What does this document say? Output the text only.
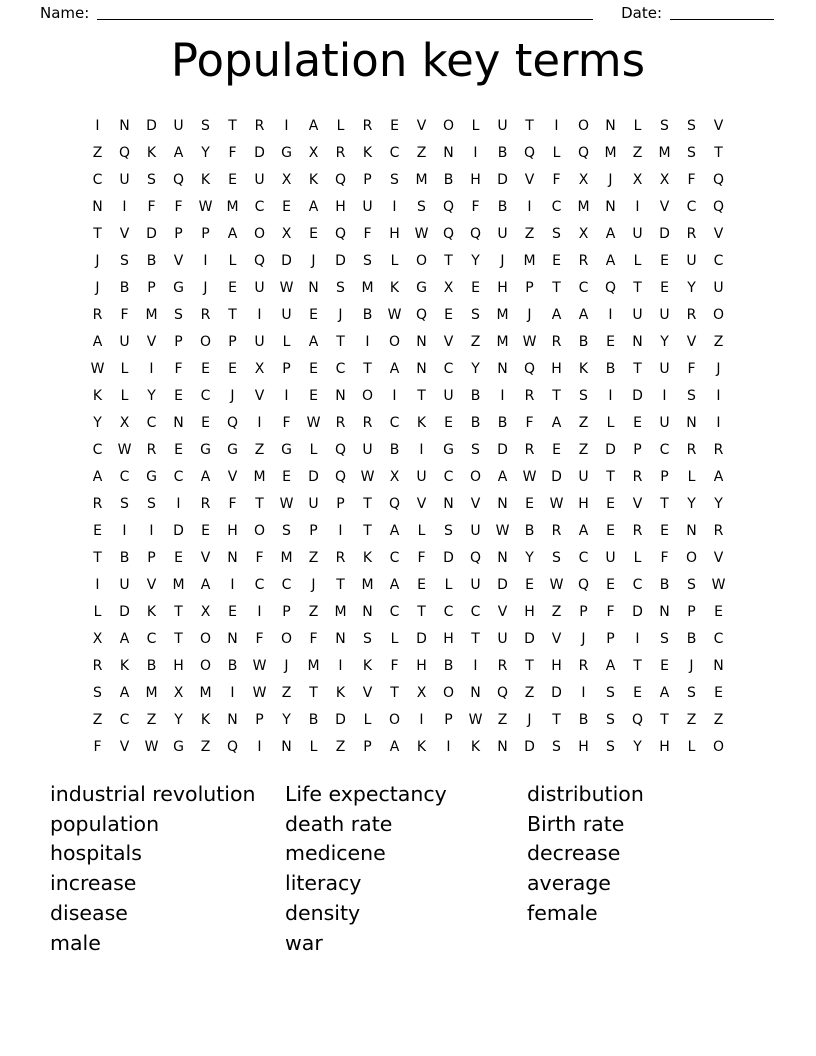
Name:	Date:
Population key terms
I	N	D	U	S	T	R	I	A	L	R	E	V	O	L	U	T	I	O	N	L	S	S	V
Z	Q	K	A	Y	F	D	G	X	R	K	C	Z	N	I	B	Q	L	Q	M	Z	M	S	T
C	U	S	Q	K	E	U	X	K	Q	P	S	M	B	H	D	V	F	X	J	X	X	F	Q
N	I	F	F	W	M	C	E	A	H	U	I	S	Q	F	B	I	C	M	N	I	V	C	Q
T	V	D	P	P	A	O	X	E	Q	F	H	W	Q	Q	U	Z	S	X	A	U	D	R	V
J	S	B	V	I	L	Q	D	J	D	S	L	O	T	Y	J	M	E	R	A	L	E	U	C
J	B	P	G	J	E	U	W	N	S	M	K	G	X	E	H	P	T	C	Q	T	E	Y	U
R	F	M	S	R	T	I	U	E	J	B	W	Q	E	S	M	J	A	A	I	U	U	R	O
A	U	V	P	O	P	U	L	A	T	I	O	N	V	Z	M	W	R	B	E	N	Y	V	Z
W	L	I	F	E	E	X	P	E	C	T	A	N	C	Y	N	Q	H	K	B	T	U	F	J
K	L	Y	E	C	J	V	I	E	N	O	I	T	U	B	I	R	T	S	I	D	I	S	I
Y	X	C	N	E	Q	I	F	W	R	R	C	K	E	B	B	F	A	Z	L	E	U	N	I
C	W	R	E	G	G	Z	G	L	Q	U	B	I	G	S	D	R	E	Z	D	P	C	R	R
A	C	G	C	A	V	M	E	D	Q	W	X	U	C	O	A	W	D	U	T	R	P	L	A
R	S	S	I	R	F	T	W	U	P	T	Q	V	N	V	N	E	W	H	E	V	T	Y	Y
E	I	I	D	E	H	O	S	P	I	T	A	L	S	U	W	B	R	A	E	R	E	N	R
T	B	P	E	V	N	F	M	Z	R	K	C	F	D	Q	N	Y	S	C	U	L	F	O	V
I	U	V	M	A	I	C	C	J	T	M	A	E	L	U	D	E	W	Q	E	C	B	S	W
L	D	K	T	X	E	I	P	Z	M	N	C	T	C	C	V	H	Z	P	F	D	N	P	E
X	A	C	T	O	N	F	O	F	N	S	L	D	H	T	U	D	V	J	P	I	S	B	C
R	K	B	H	O	B	W	J	M	I	K	F	H	B	I	R	T	H	R	A	T	E	J	N
S	A	M	X	M	I	W	Z	T	K	V	T	X	O	N	Q	Z	D	I	S	E	A	S	E
Z	C	Z	Y	K	N	P	Y	B	D	L	O	I	P	W	Z	J	T	B	S	Q	T	Z	Z
F	V	W	G	Z	Q	I	N	L	Z	P	A	K	I	K	N	D	S	H	S	Y	H	L	O
industrial revolution
population
hospitals
increase
disease
male
Life expectancy
death rate
medicene
literacy
density
war
distribution
Birth rate
decrease
average
female
